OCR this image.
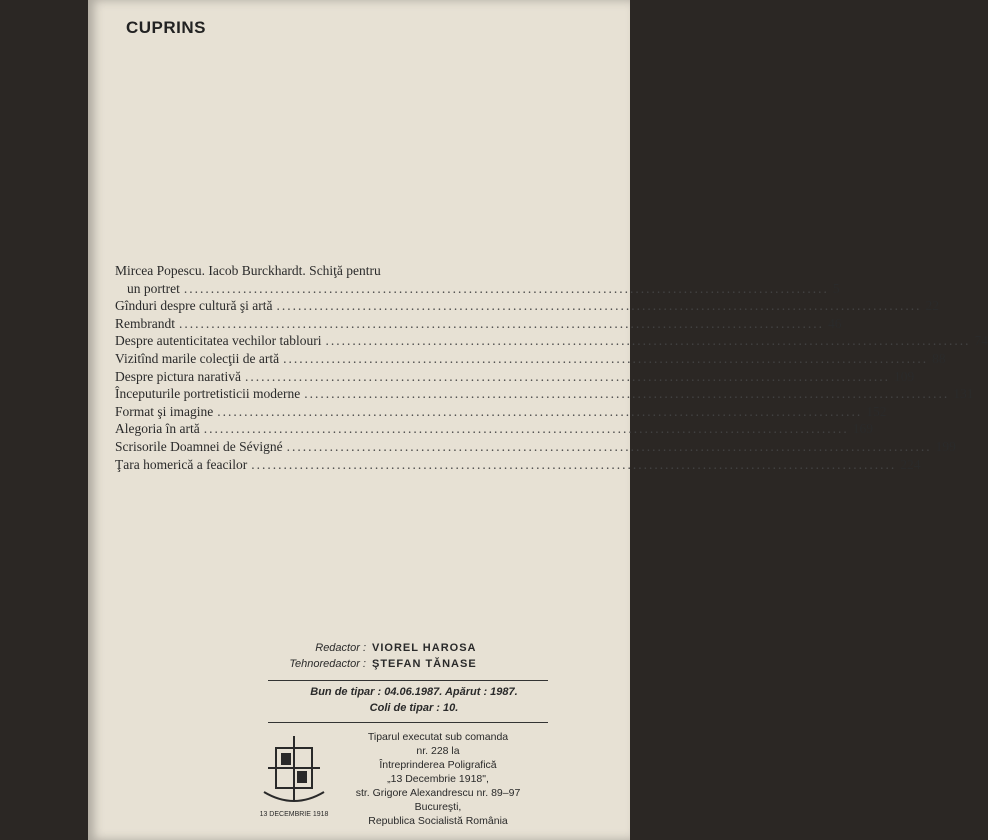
CUPRINS
Mircea Popescu. Iacob Burckhardt. Schiţă pentru
un portret ........................................................................................................................ 5
Gînduri despre cultură şi artă ........................................................................................................................ 22
Rembrandt ........................................................................................................................ 46
Despre autenticitatea vechilor tablouri ........................................................................................................................ 74
Vizitînd marile colecţii de artă ........................................................................................................................ 88
Despre pictura narativă ........................................................................................................................ 109
Începuturile portretisticii moderne ........................................................................................................................ 131
Format şi imagine ........................................................................................................................ 152
Alegoria în artă ........................................................................................................................ 169
Scrisorile Doamnei de Sévigné ........................................................................................................................ 199
Ţara homerică a feacilor ........................................................................................................................ 224
Redactor : VIOREL HAROSA
Tehnoredactor : ŞTEFAN TĂNASE
Bun de tipar : 04.06.1987. Apărut : 1987.
Coli de tipar : 10.
13 DECEMBRIE 1918
Tiparul executat sub comanda
nr. 228 la
Întreprinderea Poligrafică
„13 Decembrie 1918",
str. Grigore Alexandrescu nr. 89–97
Bucureşti,
Republica Socialistă România
